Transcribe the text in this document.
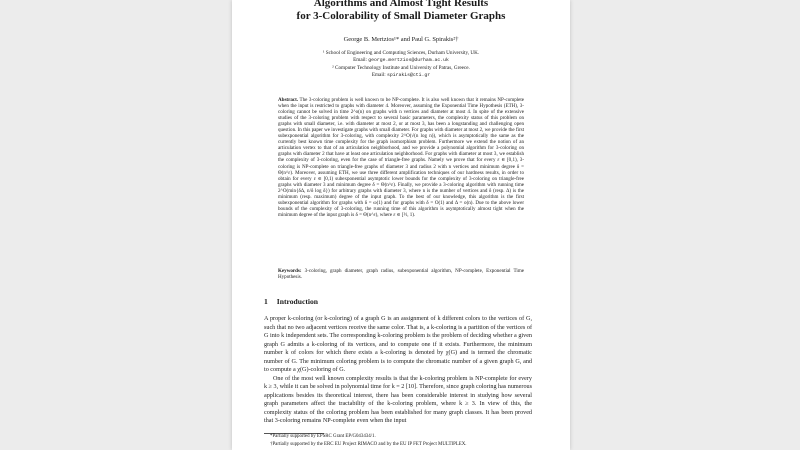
Algorithms and Almost Tight Results
for 3-Colorability of Small Diameter Graphs
George B. Mertzios¹* and Paul G. Spirakis²†
¹ School of Engineering and Computing Sciences, Durham University, UK.
Email: george.mertzios@durham.ac.uk
² Computer Technology Institute and University of Patras, Greece.
Email: spirakis@cti.gr
Abstract. The 3-coloring problem is well known to be NP-complete. It is also well known that it remains NP-complete when the input is restricted to graphs with diameter 4. Moreover, assuming the Exponential Time Hypothesis (ETH), 3-coloring cannot be solved in time 2^o(n) on graphs with n vertices and diameter at most 4. In spite of the extensive studies of the 3-coloring problem with respect to several basic parameters, the complexity status of this problem on graphs with small diameter, i.e. with diameter at most 2, or at most 3, has been a longstanding and challenging open question. In this paper we investigate graphs with small diameter. For graphs with diameter at most 2, we provide the first subexponential algorithm for 3-coloring, with complexity 2^O(√(n log n)), which is asymptotically the same as the currently best known time complexity for the graph isomorphism problem. Furthermore we extend the notion of an articulation vertex to that of an articulation neighborhood, and we provide a polynomial algorithm for 3-coloring on graphs with diameter 2 that have at least one articulation neighborhood. For graphs with diameter at most 3, we establish the complexity of 3-coloring, even for the case of triangle-free graphs. Namely we prove that for every ε ∈ [0,1), 3-coloring is NP-complete on triangle-free graphs of diameter 3 and radius 2 with n vertices and minimum degree δ = Θ(n^ε). Moreover, assuming ETH, we use three different amplification techniques of our hardness results, in order to obtain for every ε ∈ [0,1) subexponential asymptotic lower bounds for the complexity of 3-coloring on triangle-free graphs with diameter 3 and minimum degree δ = Θ(n^ε). Finally, we provide a 3-coloring algorithm with running time 2^O(min{δΔ, n/δ log δ}) for arbitrary graphs with diameter 3, where n is the number of vertices and δ (resp. Δ) is the minimum (resp. maximum) degree of the input graph. To the best of our knowledge, this algorithm is the first subexponential algorithm for graphs with δ = ω(1) and for graphs with δ = O(1) and Δ = o(n). Due to the above lower bounds of the complexity of 3-coloring, the running time of this algorithm is asymptotically almost tight when the minimum degree of the input graph is δ = Θ(n^ε), where ε ∈ [½, 1).
Keywords: 3-coloring, graph diameter, graph radius, subexponential algorithm, NP-complete, Exponential Time Hypothesis.
1 Introduction

A proper k-coloring (or k-coloring) of a graph G is an assignment of k different colors to the vertices of G, such that no two adjacent vertices receive the same color. That is, a k-coloring is a partition of the vertices of G into k independent sets. The corresponding k-coloring problem is the problem of deciding whether a given graph G admits a k-coloring of its vertices, and to compute one if it exists. Furthermore, the minimum number k of colors for which there exists a k-coloring is denoted by χ(G) and is termed the chromatic number of G. The minimum coloring problem is to compute the chromatic number of a given graph G, and to compute a χ(G)-coloring of G.

One of the most well known complexity results is that the k-coloring problem is NP-complete for every k ≥ 3, while it can be solved in polynomial time for k = 2 [10]. Therefore, since graph coloring has numerous applications besides its theoretical interest, there has been considerable interest in studying how several graph parameters affect the tractability of the k-coloring problem, where k ≥ 3. In view of this, the complexity status of the coloring problem has been established for many graph classes. It has been proved that 3-coloring remains NP-complete even when the input

*Partially supported by EPSRC Grant EP/G043434/1.
†Partially supported by the ERC EU Project RIMACO and by the EU IP FET Project MULTIPLEX.
